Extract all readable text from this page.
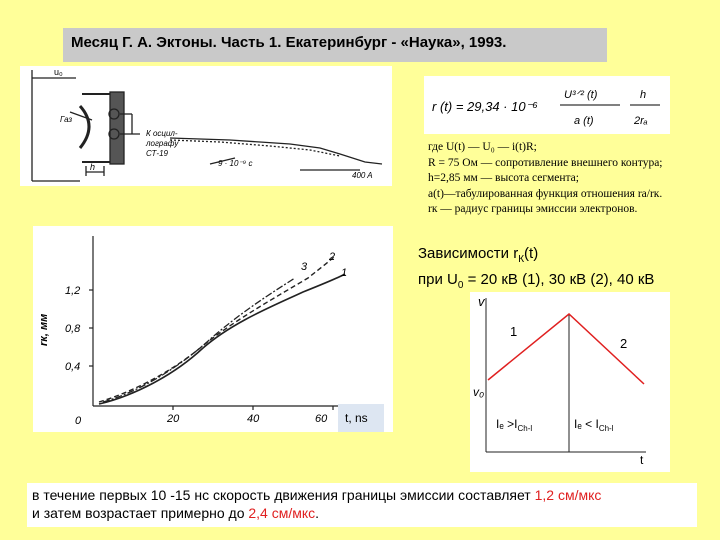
Месяц Г. А. Эктоны. Часть 1. Екатеринбург - «Наука», 1993.
u₀
Газ
К осцил-
лографу
СТ-19
h	9 · 10⁻⁹ с
400 A
r (t) = 29,34 · 10⁻⁶
U³ᐟ² (t)
a (t)
h
2rₐ
где U(t) — U₀ — i(t)R;
R = 75 Ом — сопротивление внешнего контура;
h=2,85 мм — высота сегмента;
a(t)—табулированная функция отношения ra/rк.
rк — радиус границы эмиссии электронов.
rк, мм
0,4
0,8
1,2
0	20	40	60
3
2
1
t, ns
Зависимости $r_К(t)$
при $U_0 = 20$ кВ (1), 30 кВ (2), 40 кВ
v
v₀
t
1
2
$I_e >I_{Ch-l}$	$I_e < I_{Ch-l}$
в течение первых 10 -15 нс скорость движения границы эмиссии составляет 1,2 см/мкс
и затем возрастает примерно до 2,4 см/мкс.
